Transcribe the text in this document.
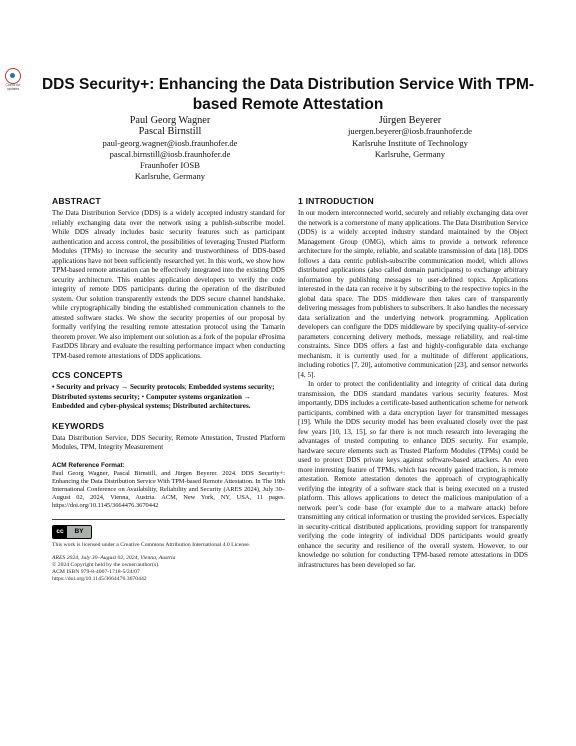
Check for
updates DDS Security+: Enhancing the Data Distribution Service With TPM-based Remote Attestation
Paul Georg Wagner
Pascal Birnstill
paul-georg.wagner@iosb.fraunhofer.de
pascal.birnstill@iosb.fraunhofer.de
Fraunhofer IOSB
Karlsruhe, Germany
Jürgen Beyerer
juergen.beyerer@iosb.fraunhofer.de
Karlsruhe Institute of Technology
Karlsruhe, Germany
ABSTRACT
The Data Distribution Service (DDS) is a widely accepted industry standard for reliably exchanging data over the network using a publish-subscribe model. While DDS already includes basic security features such as participant authentication and access control, the possibilities of leveraging Trusted Platform Modules (TPMs) to increase the security and trustworthiness of DDS-based applications have not been sufficiently researched yet. In this work, we show how TPM-based remote attestation can be effectively integrated into the existing DDS security architecture. This enables application developers to verify the code integrity of remote DDS participants during the operation of the distributed system. Our solution transparently extends the DDS secure channel handshake, while cryptographically binding the established communication channels to the attested software stacks. We show the security properties of our proposal by formally verifying the resulting remote attestation protocol using the Tamarin theorem prover. We also implement our solution as a fork of the popular eProsima FastDDS library and evaluate the resulting performance impact when conducting TPM-based remote attestations of DDS applications.
CCS CONCEPTS
• Security and privacy → Security protocols; Embedded systems security; Distributed systems security; • Computer systems organization → Embedded and cyber-physical systems; Distributed architectures.
KEYWORDS
Data Distribution Service, DDS Security, Remote Attestation, Trusted Platform Modules, TPM, Integrity Measurement
ACM Reference Format:
Paul Georg Wagner, Pascal Birnstill, and Jürgen Beyerer. 2024. DDS Security+: Enhancing the Data Distribution Service With TPM-based Remote Attestation. In The 19th International Conference on Availability, Reliability and Security (ARES 2024), July 30–August 02, 2024, Vienna, Austria. ACM, New York, NY, USA, 11 pages. https://doi.org/10.1145/3664476.3670442
cc	BY
This work is licensed under a Creative Commons Attribution International 4.0 License.
ARES 2024, July 30–August 02, 2024, Vienna, Austria
© 2024 Copyright held by the owner/author(s).
ACM ISBN 979-8-4007-1718-5/24/07
https://doi.org/10.1145/3664476.3670442
1 INTRODUCTION
In our modern interconnected world, securely and reliably exchanging data over the network is a cornerstone of many applications. The Data Distribution Service (DDS) is a widely accepted industry standard maintained by the Object Management Group (OMG), which aims to provide a network reference architecture for the simple, reliable, and scalable transmission of data [18]. DDS follows a data centric publish-subscribe communication model, which allows distributed applications (also called domain participants) to exchange arbitrary information by publishing messages to user-defined topics. Applications interested in the data can receive it by subscribing to the respective topics in the global data space. The DDS middleware then takes care of transparently delivering messages from publishers to subscribers. It also handles the necessary data serialization and the underlying network programming. Application developers can configure the DDS middleware by specifying quality-of-service parameters concerning delivery methods, message reliability, and real-time constraints. Since DDS offers a fast and highly-configurable data exchange mechanism, it is currently used for a multitude of different applications, including robotics [7, 20], automotive communication [23], and sensor networks [4, 5].
In order to protect the confidentiality and integrity of critical data during transmission, the DDS standard mandates various security features. Most importantly, DDS includes a certificate-based authentication scheme for network participants, combined with a data encryption layer for transmitted messages [19]. While the DDS security model has been evaluated closely over the past few years [10, 13, 15], so far there is not much research into leveraging the advantages of trusted computing to enhance DDS security. For example, hardware secure elements such as Trusted Platform Modules (TPMs) could be used to protect DDS private keys against software-based attackers. An even more interesting feature of TPMs, which has recently gained traction, is remote attestation. Remote attestation denotes the approach of cryptographically verifying the integrity of a software stack that is being executed on a trusted platform. This allows applications to detect the malicious manipulation of a network peer’s code base (for example due to a malware attack) before transmitting any critical information or trusting the provided services. Especially in security-critical distributed applications, providing support for transparently verifying the code integrity of individual DDS participants would greatly enhance the security and resilience of the overall system. However, to our knowledge no solution for conducting TPM-based remote attestations in DDS infrastructures has been developed so far.
